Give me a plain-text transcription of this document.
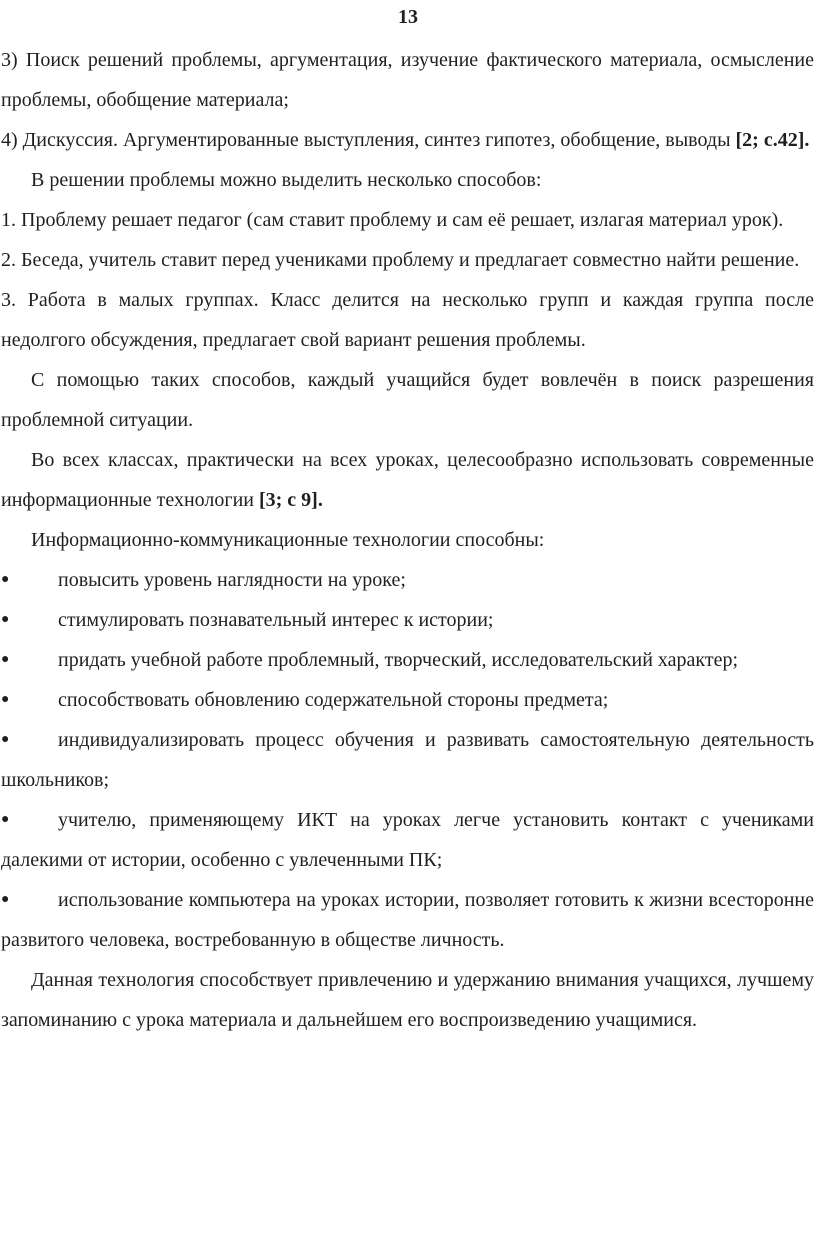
13

3) Поиск решений проблемы, аргументация, изучение фактического материала, осмысление проблемы, обобщение материала;

4) Дискуссия. Аргументированные выступления, синтез гипотез, обобщение, выводы [2; с.42].

В решении проблемы можно выделить несколько способов:

1. Проблему решает педагог (сам ставит проблему и сам её решает, излагая материал урок).

2. Беседа, учитель ставит перед учениками проблему и предлагает совместно найти решение.

3. Работа в малых группах. Класс делится на несколько групп и каждая группа после недолгого обсуждения, предлагает свой вариант решения проблемы.

С помощью таких способов, каждый учащийся будет вовлечён в поиск разрешения проблемной ситуации.

Во всех классах, практически на всех уроках, целесообразно использовать современные информационные технологии [3; с 9].

Информационно-коммуникационные технологии способны:

● повысить уровень наглядности на уроке;

● стимулировать познавательный интерес к истории;

● придать учебной работе проблемный, творческий, исследовательский характер;

● способствовать обновлению содержательной стороны предмета;

● индивидуализировать процесс обучения и развивать самостоятельную деятельность школьников;

● учителю, применяющему ИКТ на уроках легче установить контакт с учениками далекими от истории, особенно с увлеченными ПК;

● использование компьютера на уроках истории, позволяет готовить к жизни всесторонне развитого человека, востребованную в обществе личность.

Данная технология способствует привлечению и удержанию внимания учащихся, лучшему запоминанию с урока материала и дальнейшем его воспроизведению учащимися.
